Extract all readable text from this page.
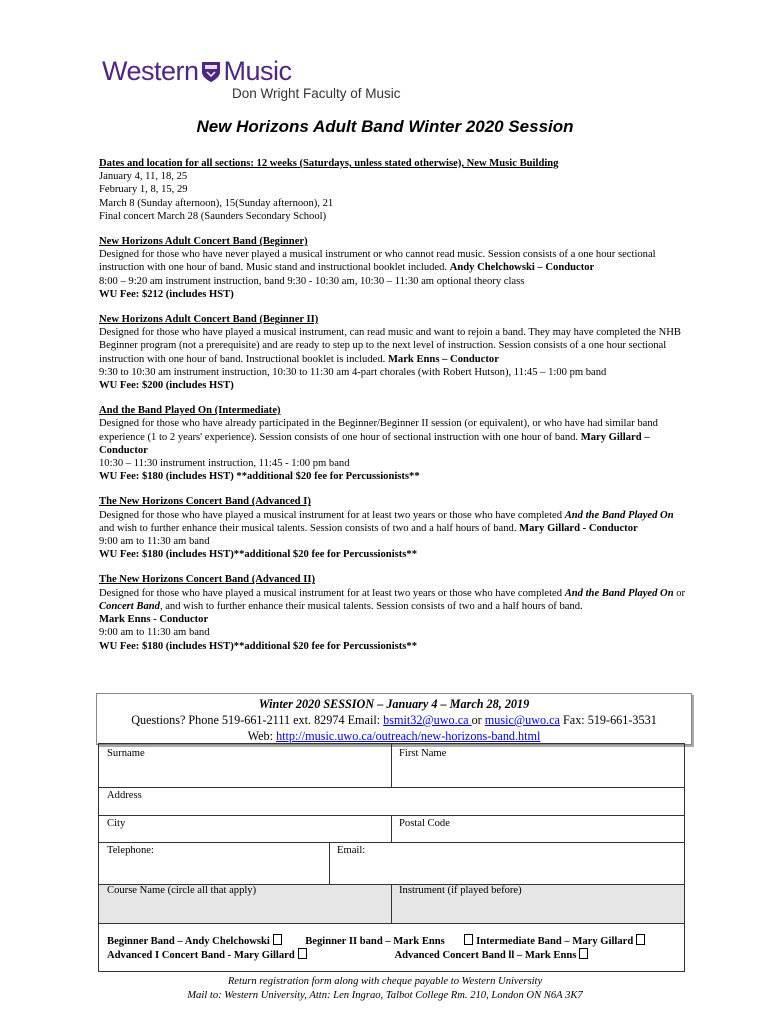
Western Music
Don Wright Faculty of Music
New Horizons Adult Band Winter 2020 Session

Dates and location for all sections: 12 weeks (Saturdays, unless stated otherwise), New Music Building

January 4, 11, 18, 25

February 1, 8, 15, 29

March 8 (Sunday afternoon), 15(Sunday afternoon), 21

Final concert March 28 (Saunders Secondary School)

New Horizons Adult Concert Band (Beginner)

Designed for those who have never played a musical instrument or who cannot read music. Session consists of a one hour sectional instruction with one hour of band. Music stand and instructional booklet included. Andy Chelchowski – Conductor

8:00 – 9:20 am instrument instruction, band 9:30 - 10:30 am, 10:30 – 11:30 am optional theory class

WU Fee: $212 (includes HST)

New Horizons Adult Concert Band (Beginner II)

Designed for those who have played a musical instrument, can read music and want to rejoin a band. They may have completed the NHB Beginner program (not a prerequisite) and are ready to step up to the next level of instruction. Session consists of a one hour sectional instruction with one hour of band. Instructional booklet is included. Mark Enns – Conductor

9:30 to 10:30 am instrument instruction, 10:30 to 11:30 am 4-part chorales (with Robert Hutson), 11:45 – 1:00 pm band

WU Fee: $200 (includes HST)

And the Band Played On (Intermediate)

Designed for those who have already participated in the Beginner/Beginner II session (or equivalent), or who have had similar band experience (1 to 2 years' experience). Session consists of one hour of sectional instruction with one hour of band. Mary Gillard – Conductor

10:30 – 11:30 instrument instruction, 11:45 - 1:00 pm band

WU Fee: $180 (includes HST) **additional $20 fee for Percussionists**

The New Horizons Concert Band (Advanced I)

Designed for those who have played a musical instrument for at least two years or those who have completed And the Band Played On and wish to further enhance their musical talents. Session consists of two and a half hours of band. Mary Gillard - Conductor

9:00 am to 11:30 am band

WU Fee: $180 (includes HST)**additional $20 fee for Percussionists**

The New Horizons Concert Band (Advanced II)

Designed for those who have played a musical instrument for at least two years or those who have completed And the Band Played On or Concert Band, and wish to further enhance their musical talents. Session consists of two and a half hours of band.

Mark Enns - Conductor

9:00 am to 11:30 am band

WU Fee: $180 (includes HST)**additional $20 fee for Percussionists**

Winter 2020 SESSION – January 4 – March 28, 2019
Questions? Phone 519-661-2111 ext. 82974 Email: bsmit32@uwo.ca or music@uwo.ca Fax: 519-661-3531
Web: http://music.uwo.ca/outreach/new-horizons-band.html
Surname	First Name
Address
City	Postal Code
Telephone:	Email:
Course Name (circle all that apply)	Instrument (if played before)
Beginner Band – Andy Chelchowski	Beginner II band – Mark Enns	Intermediate Band – Mary Gillard
Advanced I Concert Band - Mary Gillard	Advanced Concert Band ll – Mark Enns
Return registration form along with cheque payable to Western University
Mail to: Western University, Attn: Len Ingrao, Talbot College Rm. 210, London ON N6A 3K7
